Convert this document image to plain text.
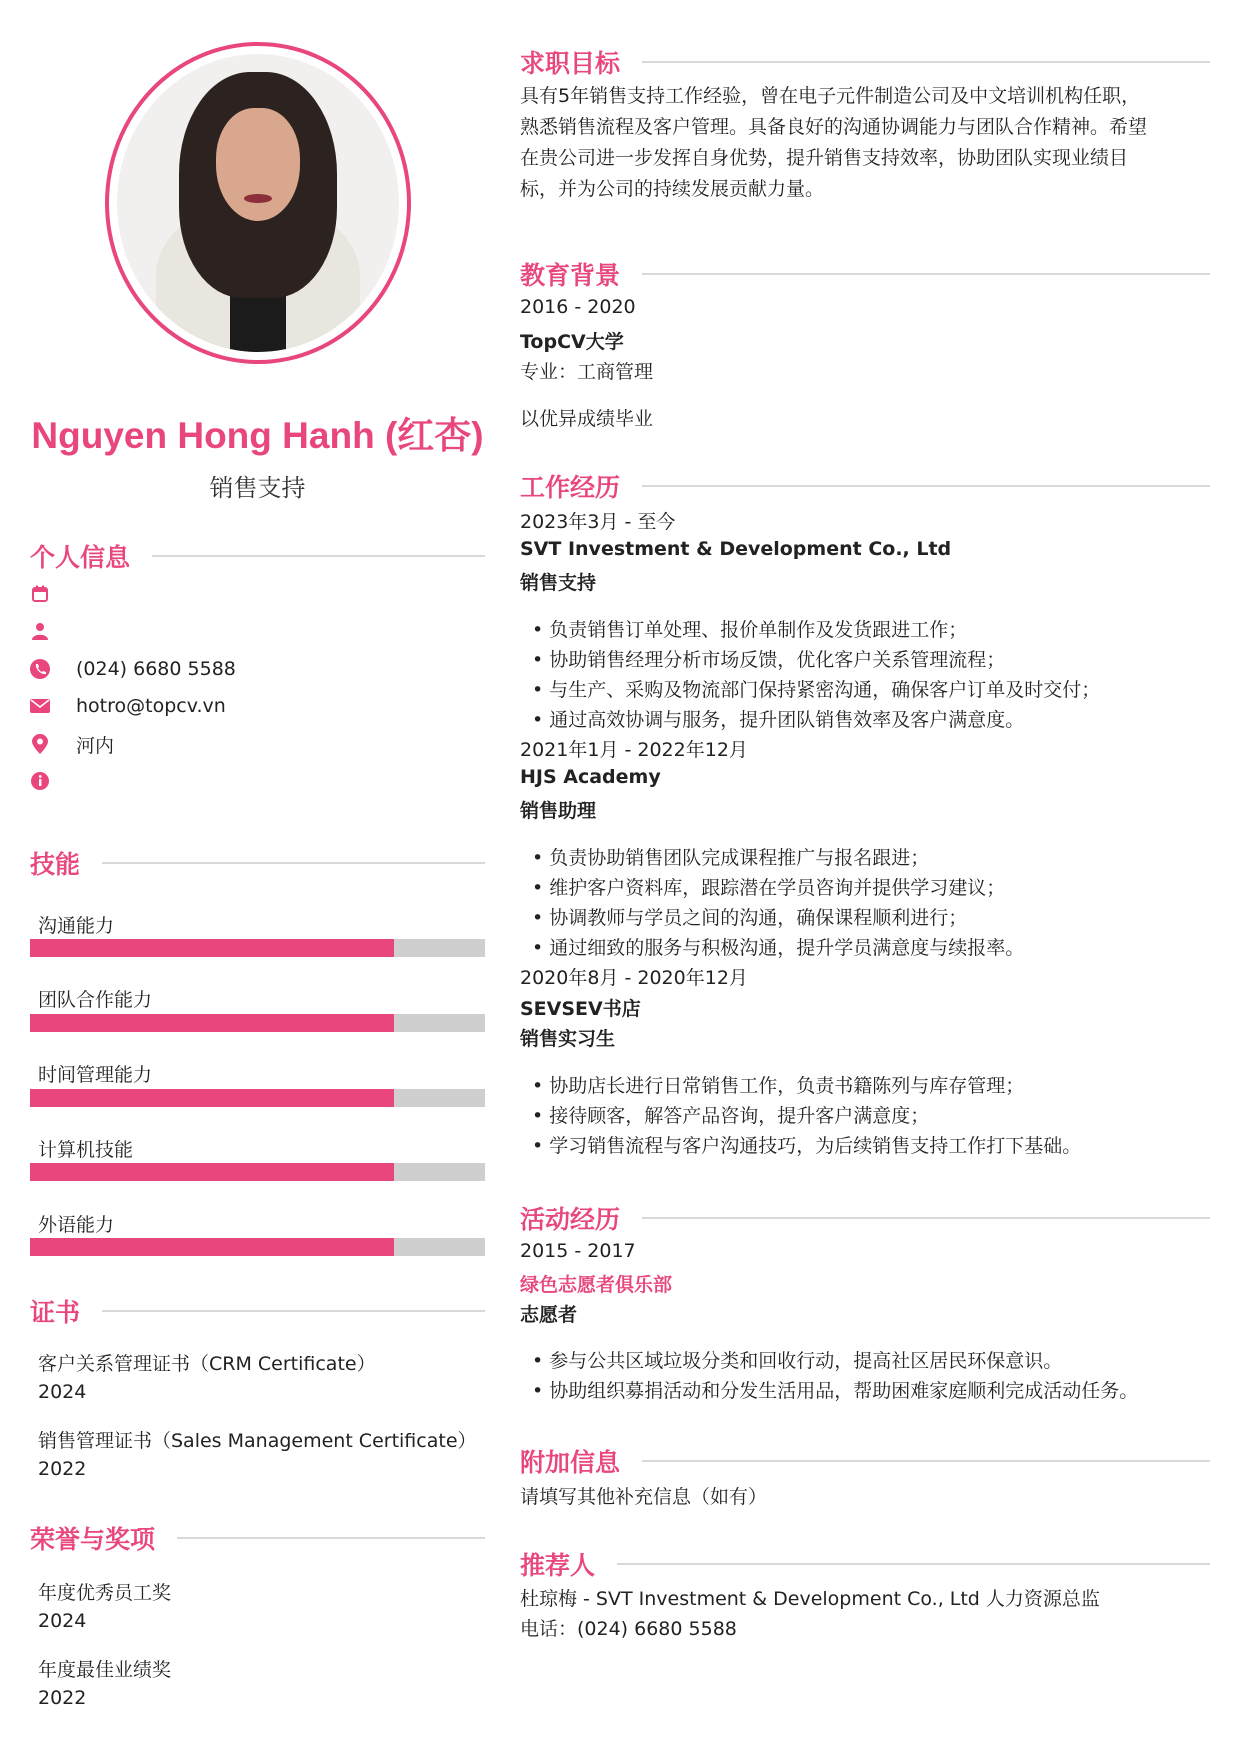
Nguyen Hong Hanh (红杏)
销售支持
个人信息
(024) 6680 5588
hotro@topcv.vn
河内
技能
沟通能力
团队合作能力
时间管理能力
计算机技能
外语能力
证书
客户关系管理证书（CRM Certificate）
2024
销售管理证书（Sales Management Certificate）
2022
荣誉与奖项
年度优秀员工奖
2024
年度最佳业绩奖
2022
求职目标
具有5年销售支持工作经验，曾在电子元件制造公司及中文培训机构任职，
熟悉销售流程及客户管理。具备良好的沟通协调能力与团队合作精神。希望
在贵公司进一步发挥自身优势，提升销售支持效率，协助团队实现业绩目
标，并为公司的持续发展贡献力量。
教育背景
2016 - 2020
TopCV大学
专业：工商管理
以优异成绩毕业
工作经历
2023年3月 - 至今
SVT Investment & Development Co., Ltd
销售支持
• 负责销售订单处理、报价单制作及发货跟进工作；
• 协助销售经理分析市场反馈，优化客户关系管理流程；
• 与生产、采购及物流部门保持紧密沟通，确保客户订单及时交付；
• 通过高效协调与服务，提升团队销售效率及客户满意度。
2021年1月 - 2022年12月
HJS Academy
销售助理
• 负责协助销售团队完成课程推广与报名跟进；
• 维护客户资料库，跟踪潜在学员咨询并提供学习建议；
• 协调教师与学员之间的沟通，确保课程顺利进行；
• 通过细致的服务与积极沟通，提升学员满意度与续报率。
2020年8月 - 2020年12月
SEVSEV书店
销售实习生
• 协助店长进行日常销售工作，负责书籍陈列与库存管理；
• 接待顾客，解答产品咨询，提升客户满意度；
• 学习销售流程与客户沟通技巧，为后续销售支持工作打下基础。
活动经历
2015 - 2017
绿色志愿者俱乐部
志愿者
• 参与公共区域垃圾分类和回收行动，提高社区居民环保意识。
• 协助组织募捐活动和分发生活用品，帮助困难家庭顺利完成活动任务。
附加信息
请填写其他补充信息（如有）
推荐人
杜琼梅 - SVT Investment & Development Co., Ltd 人力资源总监
电话：(024) 6680 5588
